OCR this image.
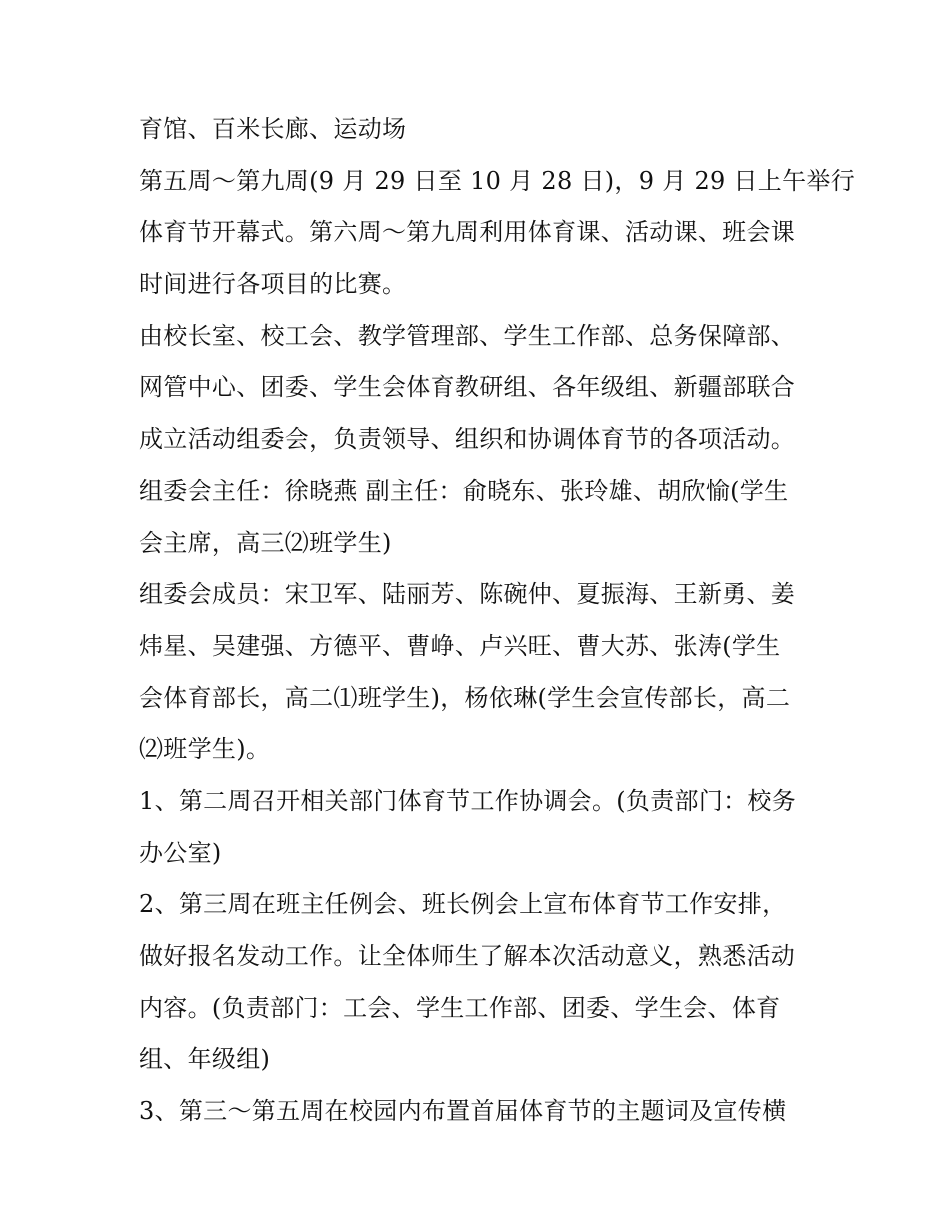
育馆、百米长廊、运动场
第五周～第九周(9 月 29 日至 10 月 28 日)，9 月 29 日上午举行
体育节开幕式。第六周～第九周利用体育课、活动课、班会课
时间进行各项目的比赛。
由校长室、校工会、教学管理部、学生工作部、总务保障部、
网管中心、团委、学生会体育教研组、各年级组、新疆部联合
成立活动组委会，负责领导、组织和协调体育节的各项活动。
组委会主任：徐晓燕 副主任：俞晓东、张玲雄、胡欣愉(学生
会主席，高三⑵班学生)
组委会成员：宋卫军、陆丽芳、陈碗仲、夏振海、王新勇、姜
炜星、吴建强、方德平、曹峥、卢兴旺、曹大苏、张涛(学生
会体育部长，高二⑴班学生)，杨依琳(学生会宣传部长，高二
⑵班学生)。
1、第二周召开相关部门体育节工作协调会。(负责部门：校务
办公室)
2、第三周在班主任例会、班长例会上宣布体育节工作安排，
做好报名发动工作。让全体师生了解本次活动意义，熟悉活动
内容。(负责部门：工会、学生工作部、团委、学生会、体育
组、年级组)
3、第三～第五周在校园内布置首届体育节的主题词及宣传横
